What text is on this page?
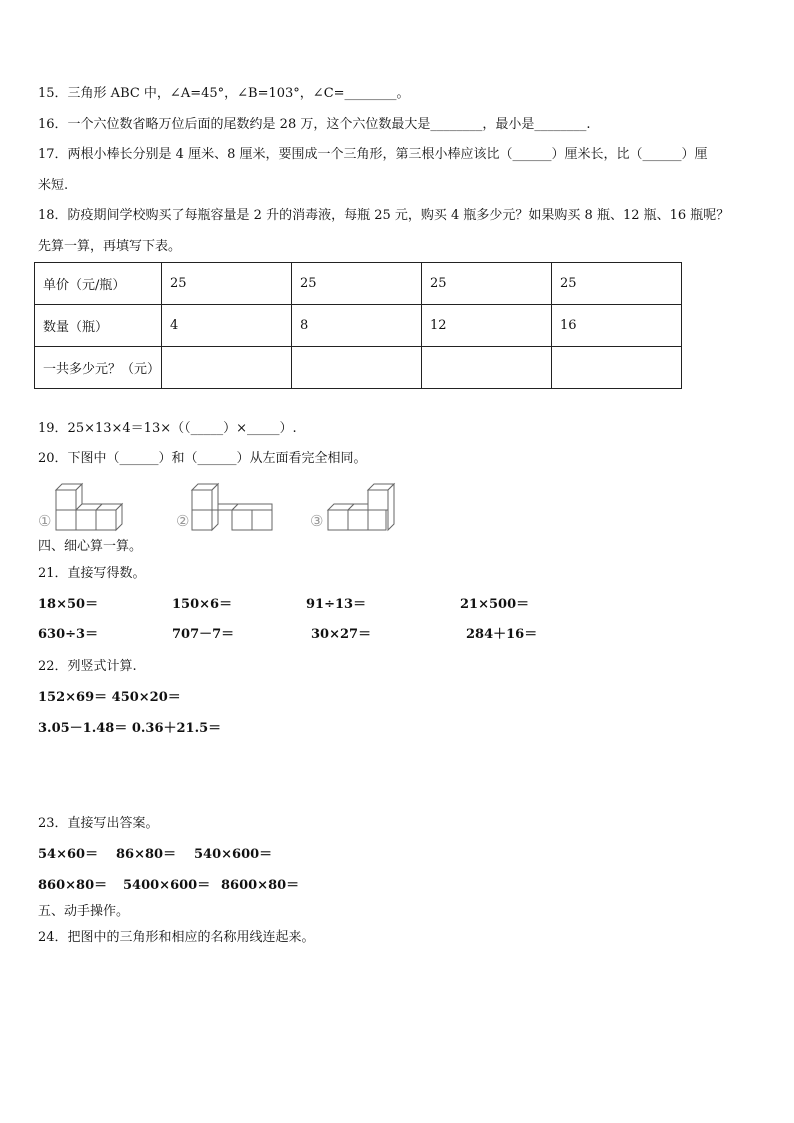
15．三角形 ABC 中，∠A=45°，∠B=103°，∠C=________。
16．一个六位数省略万位后面的尾数约是 28 万，这个六位数最大是________，最小是________.
17．两根小棒长分别是 4 厘米、8 厘米，要围成一个三角形，第三根小棒应该比（______）厘米长，比（______）厘
米短.
18．防疫期间学校购买了每瓶容量是 2 升的消毒液，每瓶 25 元，购买 4 瓶多少元？如果购买 8 瓶、12 瓶、16 瓶呢？
先算一算，再填写下表。
单价（元/瓶）	25	25	25	25
数量（瓶）	4	8	12	16
一共多少元？（元）				
19．25×13×4＝13×（（_____）×_____）.
20．下图中（______）和（______）从左面看完全相同。
①	②	③
四、细心算一算。
21．直接写得数。
18×50＝	150×6＝	91÷13＝	21×500＝
630÷3＝	707－7＝	30×27＝	284＋16＝
22．列竖式计算.
152×69＝ 450×20＝
3.05－1.48＝ 0.36＋21.5＝
23．直接写出答案。
54×60＝ 86×80＝ 540×600＝
860×80＝ 5400×600＝ 8600×80＝
五、动手操作。
24．把图中的三角形和相应的名称用线连起来。
